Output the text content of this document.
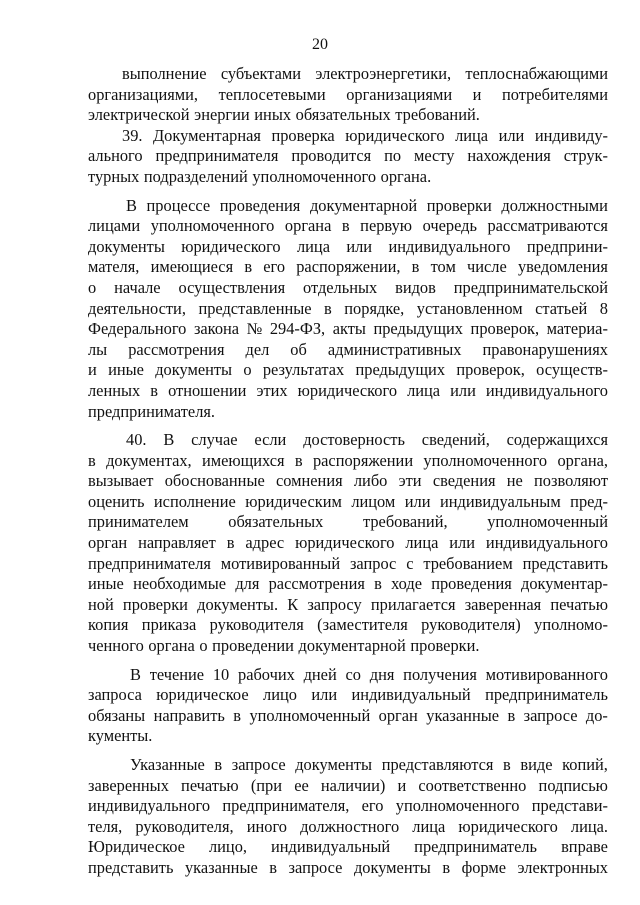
20
выполнение субъектами электроэнергетики, теплоснабжающими
организациями, теплосетевыми организациями и потребителями
электрической энергии иных обязательных требований.
39. Документарная проверка юридического лица или индивиду-
ального предпринимателя проводится по месту нахождения струк-
турных подразделений уполномоченного органа.
В процессе проведения документарной проверки должностными
лицами уполномоченного органа в первую очередь рассматриваются
документы юридического лица или индивидуального предприни-
мателя, имеющиеся в его распоряжении, в том числе уведомления
о начале осуществления отдельных видов предпринимательской
деятельности, представленные в порядке, установленном статьей 8
Федерального закона № 294-ФЗ, акты предыдущих проверок, материа-
лы рассмотрения дел об административных правонарушениях
и иные документы о результатах предыдущих проверок, осуществ-
ленных в отношении этих юридического лица или индивидуального
предпринимателя.
40. В случае если достоверность сведений, содержащихся
в документах, имеющихся в распоряжении уполномоченного органа,
вызывает обоснованные сомнения либо эти сведения не позволяют
оценить исполнение юридическим лицом или индивидуальным пред-
принимателем обязательных требований, уполномоченный
орган направляет в адрес юридического лица или индивидуального
предпринимателя мотивированный запрос с требованием представить
иные необходимые для рассмотрения в ходе проведения документар-
ной проверки документы. К запросу прилагается заверенная печатью
копия приказа руководителя (заместителя руководителя) уполномо-
ченного органа о проведении документарной проверки.
В течение 10 рабочих дней со дня получения мотивированного
запроса юридическое лицо или индивидуальный предприниматель
обязаны направить в уполномоченный орган указанные в запросе до-
кументы.
Указанные в запросе документы представляются в виде копий,
заверенных печатью (при ее наличии) и соответственно подписью
индивидуального предпринимателя, его уполномоченного представи-
теля, руководителя, иного должностного лица юридического лица.
Юридическое лицо, индивидуальный предприниматель вправе
представить указанные в запросе документы в форме электронных
